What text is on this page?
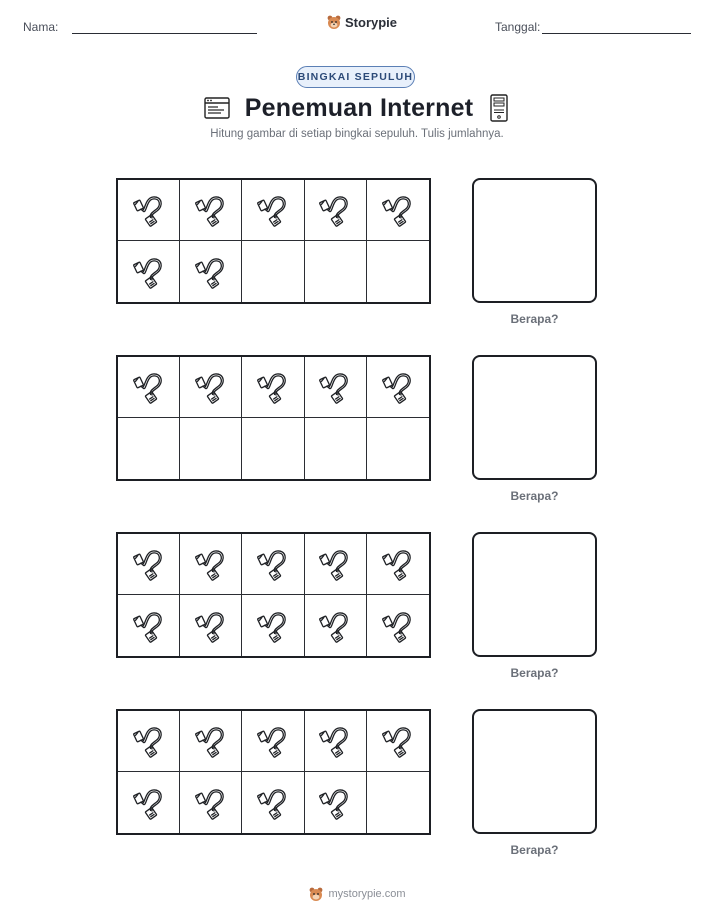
Nama:	Storypie	Tanggal:
BINGKAI SEPULUH
Penemuan Internet
Hitung gambar di setiap bingkai sepuluh. Tulis jumlahnya.
Berapa?
Berapa?
Berapa?
Berapa?
mystorypie.com
